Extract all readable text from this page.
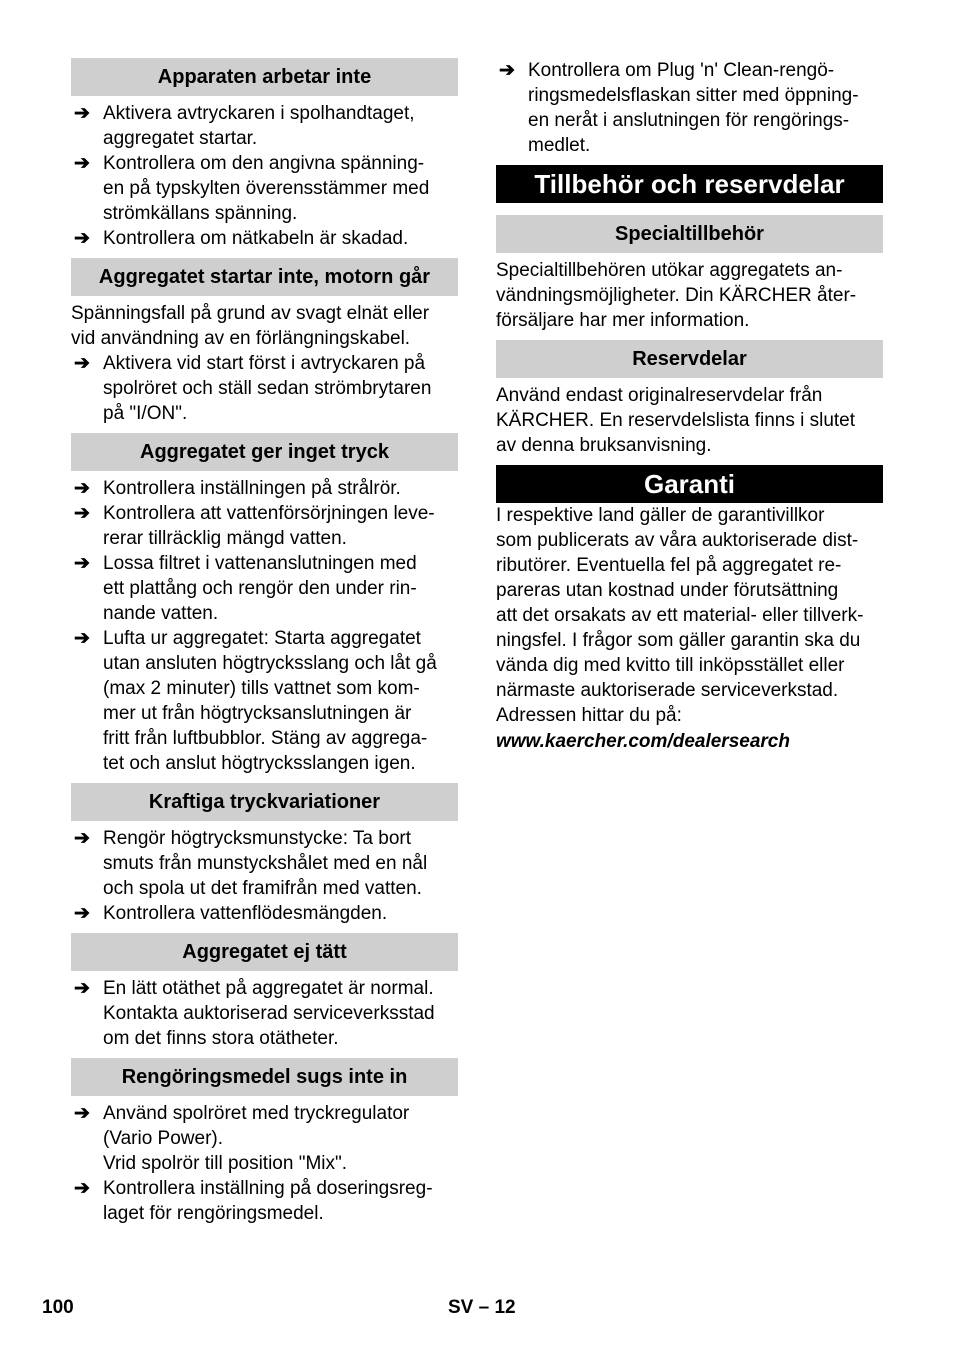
Apparaten arbetar inte
➔ Aktivera avtryckaren i spolhandtaget,
aggregatet startar.
➔ Kontrollera om den angivna spänning-
en på typskylten överensstämmer med
strömkällans spänning.
➔ Kontrollera om nätkabeln är skadad.
Aggregatet startar inte, motorn går
Spänningsfall på grund av svagt elnät eller
vid användning av en förlängningskabel.
➔ Aktivera vid start först i avtryckaren på
spolröret och ställ sedan strömbrytaren
på "I/ON".
Aggregatet ger inget tryck
➔ Kontrollera inställningen på strålrör.
➔ Kontrollera att vattenförsörjningen leve-
rerar tillräcklig mängd vatten.
➔ Lossa filtret i vattenanslutningen med
ett plattång och rengör den under rin-
nande vatten.
➔ Lufta ur aggregatet: Starta aggregatet
utan ansluten högtrycksslang och låt gå
(max 2 minuter) tills vattnet som kom-
mer ut från högtrycksanslutningen är
fritt från luftbubblor. Stäng av aggrega-
tet och anslut högtrycksslangen igen.
Kraftiga tryckvariationer
➔ Rengör högtrycksmunstycke: Ta bort
smuts från munstyckshålet med en nål
och spola ut det framifrån med vatten.
➔ Kontrollera vattenflödesmängden.
Aggregatet ej tätt
➔ En lätt otäthet på aggregatet är normal.
Kontakta auktoriserad serviceverksstad
om det finns stora otätheter.
Rengöringsmedel sugs inte in
➔ Använd spolröret med tryckregulator
(Vario Power).
Vrid spolrör till position "Mix".
➔ Kontrollera inställning på doseringsreg-
laget för rengöringsmedel.
➔ Kontrollera om Plug 'n' Clean-rengö-
ringsmedelsflaskan sitter med öppning-
en neråt i anslutningen för rengörings-
medlet.
Tillbehör och reservdelar
Specialtillbehör
Specialtillbehören utökar aggregatets an-
vändningsmöjligheter. Din KÄRCHER åter-
försäljare har mer information.
Reservdelar
Använd endast originalreservdelar från
KÄRCHER. En reservdelslista finns i slutet
av denna bruksanvisning.
Garanti
I respektive land gäller de garantivillkor
som publicerats av våra auktoriserade dist-
ributörer. Eventuella fel på aggregatet re-
pareras utan kostnad under förutsättning
att det orsakats av ett material- eller tillverk-
ningsfel. I frågor som gäller garantin ska du
vända dig med kvitto till inköpsstället eller
närmaste auktoriserade serviceverkstad.
Adressen hittar du på:
www.kaercher.com/dealersearch
100	SV – 12
